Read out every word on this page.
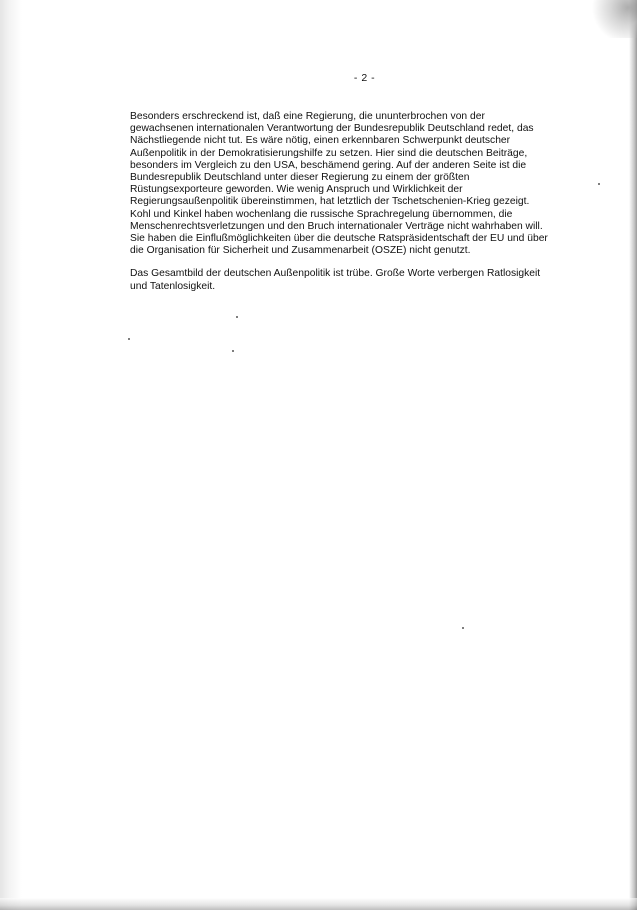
- 2 -

Besonders erschreckend ist, daß eine Regierung, die ununterbrochen von der
gewachsenen internationalen Verantwortung der Bundesrepublik Deutschland redet, das
Nächstliegende nicht tut. Es wäre nötig, einen erkennbaren Schwerpunkt deutscher
Außenpolitik in der Demokratisierungshilfe zu setzen. Hier sind die deutschen Beiträge,
besonders im Vergleich zu den USA, beschämend gering. Auf der anderen Seite ist die
Bundesrepublik Deutschland unter dieser Regierung zu einem der größten
Rüstungsexporteure geworden. Wie wenig Anspruch und Wirklichkeit der
Regierungsaußenpolitik übereinstimmen, hat letztlich der Tschetschenien-Krieg gezeigt.
Kohl und Kinkel haben wochenlang die russische Sprachregelung übernommen, die
Menschenrechtsverletzungen und den Bruch internationaler Verträge nicht wahrhaben will.
Sie haben die Einflußmöglichkeiten über die deutsche Ratspräsidentschaft der EU und über
die Organisation für Sicherheit und Zusammenarbeit (OSZE) nicht genutzt.

Das Gesamtbild der deutschen Außenpolitik ist trübe. Große Worte verbergen Ratlosigkeit
und Tatenlosigkeit.
